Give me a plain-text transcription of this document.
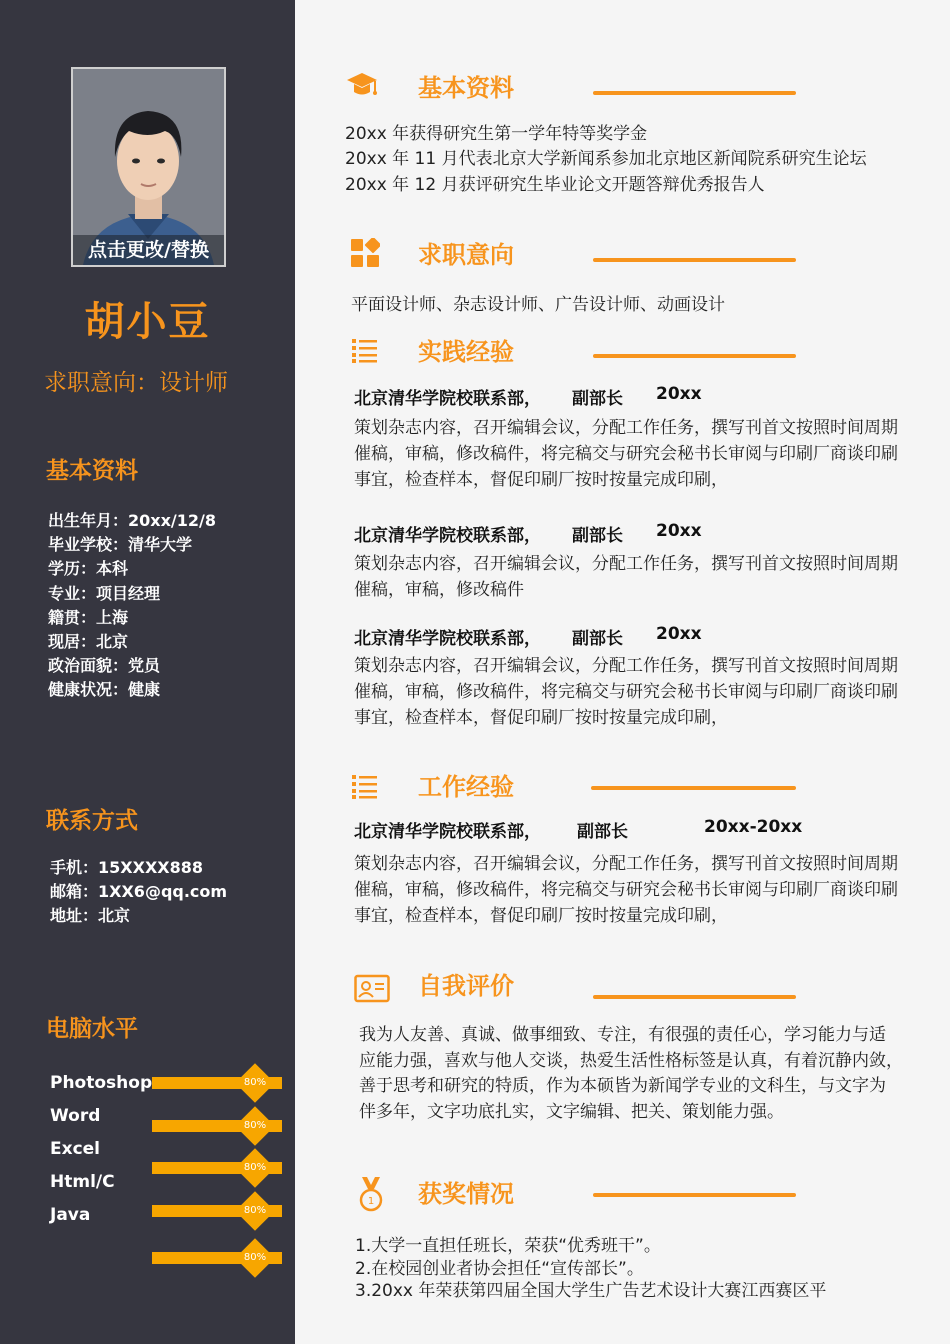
点击更改/替换
胡小豆
求职意向：设计师
基本资料
出生年月：20xx/12/8
毕业学校：清华大学
学历：本科
专业：项目经理
籍贯：上海
现居：北京
政治面貌：党员
健康状况：健康
联系方式
手机：15XXXX888
邮箱：1XX6@qq.com
地址：北京
电脑水平
Photoshop
Word
Excel
Html/C
Java
80%
80%
80%
80%
80%
基本资料
20xx 年获得研究生第一学年特等奖学金
20xx 年 11 月代表北京大学新闻系参加北京地区新闻院系研究生论坛
20xx 年 12 月获评研究生毕业论文开题答辩优秀报告人
求职意向
平面设计师、杂志设计师、广告设计师、动画设计
实践经验
北京清华学院校联系部， 副部长 20xx

策划杂志内容，召开编辑会议，分配工作任务，撰写刊首文按照时间周期

催稿，审稿，修改稿件，将完稿交与研究会秘书长审阅与印刷厂商谈印刷

事宜，检查样本，督促印刷厂按时按量完成印刷，

北京清华学院校联系部， 副部长 20xx

策划杂志内容，召开编辑会议，分配工作任务，撰写刊首文按照时间周期

催稿，审稿，修改稿件

北京清华学院校联系部， 副部长 20xx

策划杂志内容，召开编辑会议，分配工作任务，撰写刊首文按照时间周期

催稿，审稿，修改稿件，将完稿交与研究会秘书长审阅与印刷厂商谈印刷

事宜，检查样本，督促印刷厂按时按量完成印刷，

工作经验
北京清华学院校联系部， 副部长	20xx-20xx

策划杂志内容，召开编辑会议，分配工作任务，撰写刊首文按照时间周期

催稿，审稿，修改稿件，将完稿交与研究会秘书长审阅与印刷厂商谈印刷

事宜，检查样本，督促印刷厂按时按量完成印刷，

自我评价

我为人友善、真诚、做事细致、专注，有很强的责任心，学习能力与适

应能力强，喜欢与他人交谈，热爱生活性格标签是认真，有着沉静内敛，

善于思考和研究的特质，作为本硕皆为新闻学专业的文科生，与文字为

伴多年，文字功底扎实，文字编辑、把关、策划能力强。

1 获奖情况
1.大学一直担任班长，荣获“优秀班干”。
2.在校园创业者协会担任“宣传部长”。
3.20xx 年荣获第四届全国大学生广告艺术设计大赛江西赛区平
